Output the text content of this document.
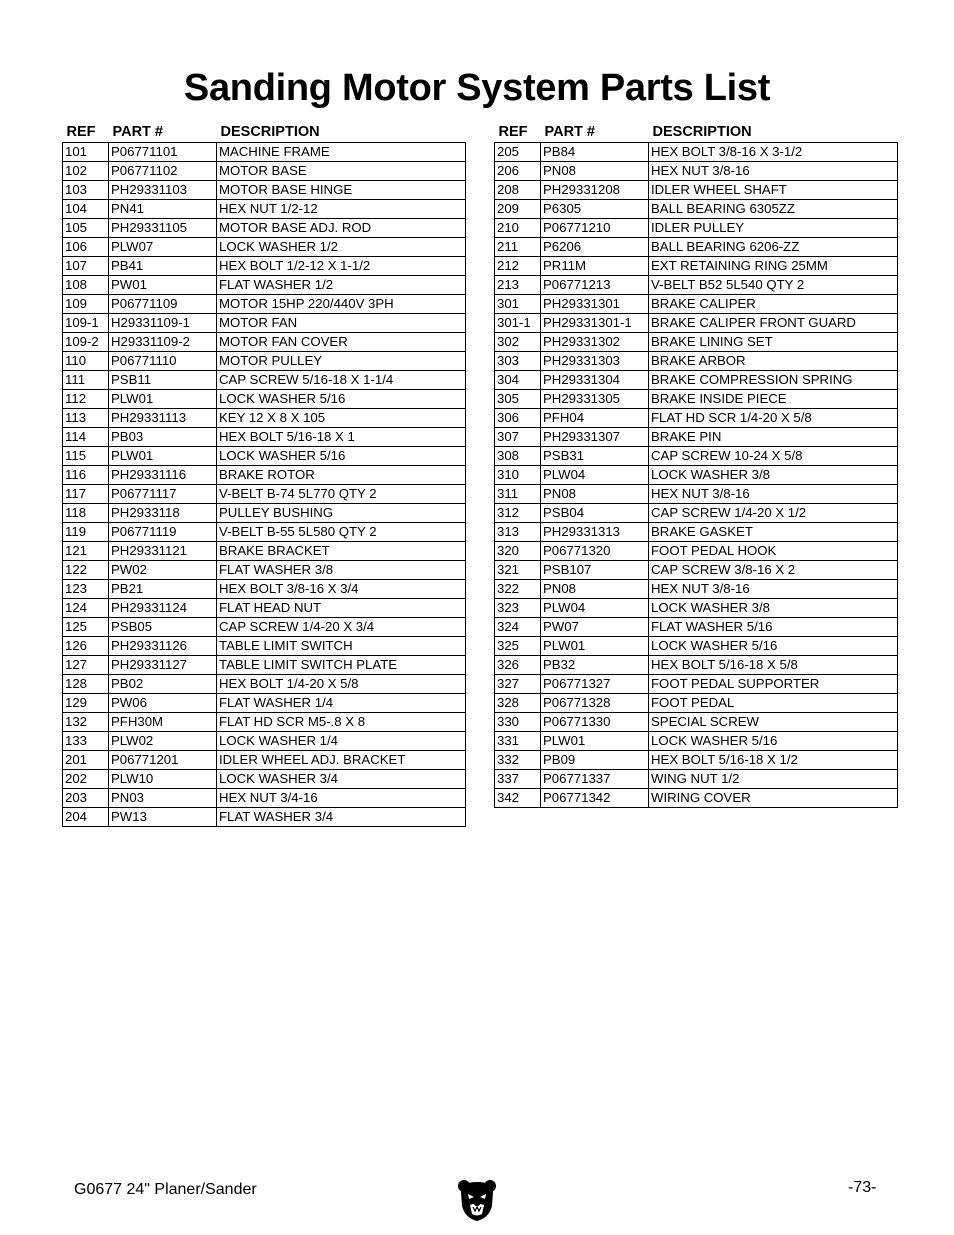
Sanding Motor System Parts List
REF	PART #	DESCRIPTION
101	P06771101	MACHINE FRAME
102	P06771102	MOTOR BASE
103	PH29331103	MOTOR BASE HINGE
104	PN41	HEX NUT 1/2-12
105	PH29331105	MOTOR BASE ADJ. ROD
106	PLW07	LOCK WASHER 1/2
107	PB41	HEX BOLT 1/2-12 X 1-1/2
108	PW01	FLAT WASHER 1/2
109	P06771109	MOTOR 15HP 220/440V 3PH
109-1	H29331109-1	MOTOR FAN
109-2	H29331109-2	MOTOR FAN COVER
110	P06771110	MOTOR PULLEY
111	PSB11	CAP SCREW 5/16-18 X 1-1/4
112	PLW01	LOCK WASHER 5/16
113	PH29331113	KEY 12 X 8 X 105
114	PB03	HEX BOLT 5/16-18 X 1
115	PLW01	LOCK WASHER 5/16
116	PH29331116	BRAKE ROTOR
117	P06771117	V-BELT B-74 5L770 QTY 2
118	PH2933118	PULLEY BUSHING
119	P06771119	V-BELT B-55 5L580 QTY 2
121	PH29331121	BRAKE BRACKET
122	PW02	FLAT WASHER 3/8
123	PB21	HEX BOLT 3/8-16 X 3/4
124	PH29331124	FLAT HEAD NUT
125	PSB05	CAP SCREW 1/4-20 X 3/4
126	PH29331126	TABLE LIMIT SWITCH
127	PH29331127	TABLE LIMIT SWITCH PLATE
128	PB02	HEX BOLT 1/4-20 X 5/8
129	PW06	FLAT WASHER 1/4
132	PFH30M	FLAT HD SCR M5-.8 X 8
133	PLW02	LOCK WASHER 1/4
201	P06771201	IDLER WHEEL ADJ. BRACKET
202	PLW10	LOCK WASHER 3/4
203	PN03	HEX NUT 3/4-16
204	PW13	FLAT WASHER 3/4
REF	PART #	DESCRIPTION
205	PB84	HEX BOLT 3/8-16 X 3-1/2
206	PN08	HEX NUT 3/8-16
208	PH29331208	IDLER WHEEL SHAFT
209	P6305	BALL BEARING 6305ZZ
210	P06771210	IDLER PULLEY
211	P6206	BALL BEARING 6206-ZZ
212	PR11M	EXT RETAINING RING 25MM
213	P06771213	V-BELT B52 5L540 QTY 2
301	PH29331301	BRAKE CALIPER
301-1	PH29331301-1	BRAKE CALIPER FRONT GUARD
302	PH29331302	BRAKE LINING SET
303	PH29331303	BRAKE ARBOR
304	PH29331304	BRAKE COMPRESSION SPRING
305	PH29331305	BRAKE INSIDE PIECE
306	PFH04	FLAT HD SCR 1/4-20 X 5/8
307	PH29331307	BRAKE PIN
308	PSB31	CAP SCREW 10-24 X 5/8
310	PLW04	LOCK WASHER 3/8
311	PN08	HEX NUT 3/8-16
312	PSB04	CAP SCREW 1/4-20 X 1/2
313	PH29331313	BRAKE GASKET
320	P06771320	FOOT PEDAL HOOK
321	PSB107	CAP SCREW 3/8-16 X 2
322	PN08	HEX NUT 3/8-16
323	PLW04	LOCK WASHER 3/8
324	PW07	FLAT WASHER 5/16
325	PLW01	LOCK WASHER 5/16
326	PB32	HEX BOLT 5/16-18 X 5/8
327	P06771327	FOOT PEDAL SUPPORTER
328	P06771328	FOOT PEDAL
330	P06771330	SPECIAL SCREW
331	PLW01	LOCK WASHER 5/16
332	PB09	HEX BOLT 5/16-18 X 1/2
337	P06771337	WING NUT 1/2
342	P06771342	WIRING COVER
G0677 24" Planer/Sander	-73-
